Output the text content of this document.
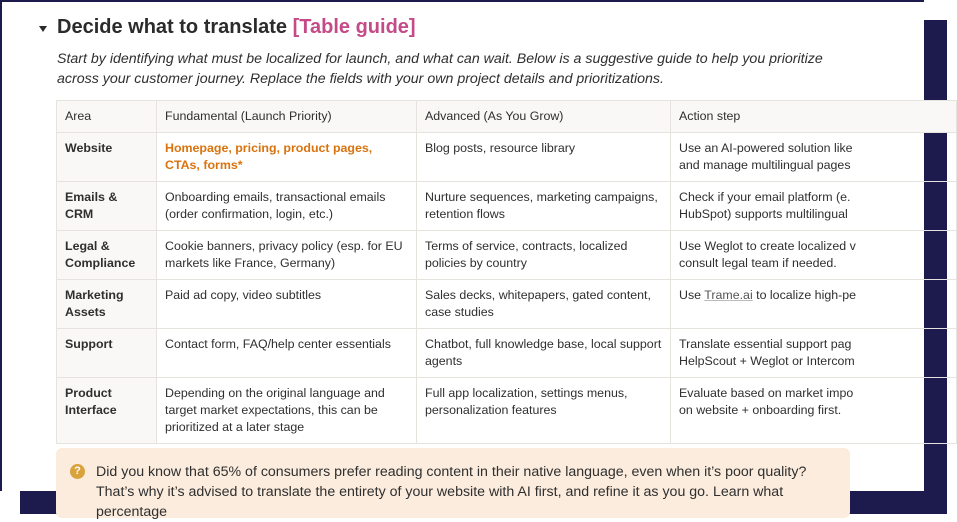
Decide what to translate [Table guide]

Start by identifying what must be localized for launch, and what can wait. Below is a suggestive guide to help you prioritize across your customer journey. Replace the fields with your own project details and prioritizations.

Area	Fundamental (Launch Priority)	Advanced (As You Grow)	Action step
Website	Homepage, pricing, product pages, CTAs, forms*	Blog posts, resource library	Use an AI-powered solution like
and manage multilingual pages
Emails & CRM	Onboarding emails, transactional emails (order confirmation, login, etc.)	Nurture sequences, marketing campaigns, retention flows	Check if your email platform (e.
HubSpot) supports multilingual
Legal & Compliance	Cookie banners, privacy policy (esp. for EU markets like France, Germany)	Terms of service, contracts, localized policies by country	Use Weglot to create localized v
consult legal team if needed.
Marketing Assets	Paid ad copy, video subtitles	Sales decks, whitepapers, gated content, case studies	Use Trame.ai to localize high-pe
Support	Contact form, FAQ/help center essentials	Chatbot, full knowledge base, local support agents	Translate essential support pag
HelpScout + Weglot or Intercom
Product Interface	Depending on the original language and target market expectations, this can be prioritized at a later stage	Full app localization, settings menus, personalization features	Evaluate based on market impo
on website + onboarding first.
? Did you know that 65% of consumers prefer reading content in their native language, even when it’s poor quality? That’s why it’s advised to translate the entirety of your website with AI first, and refine it as you go. Learn what percentage
